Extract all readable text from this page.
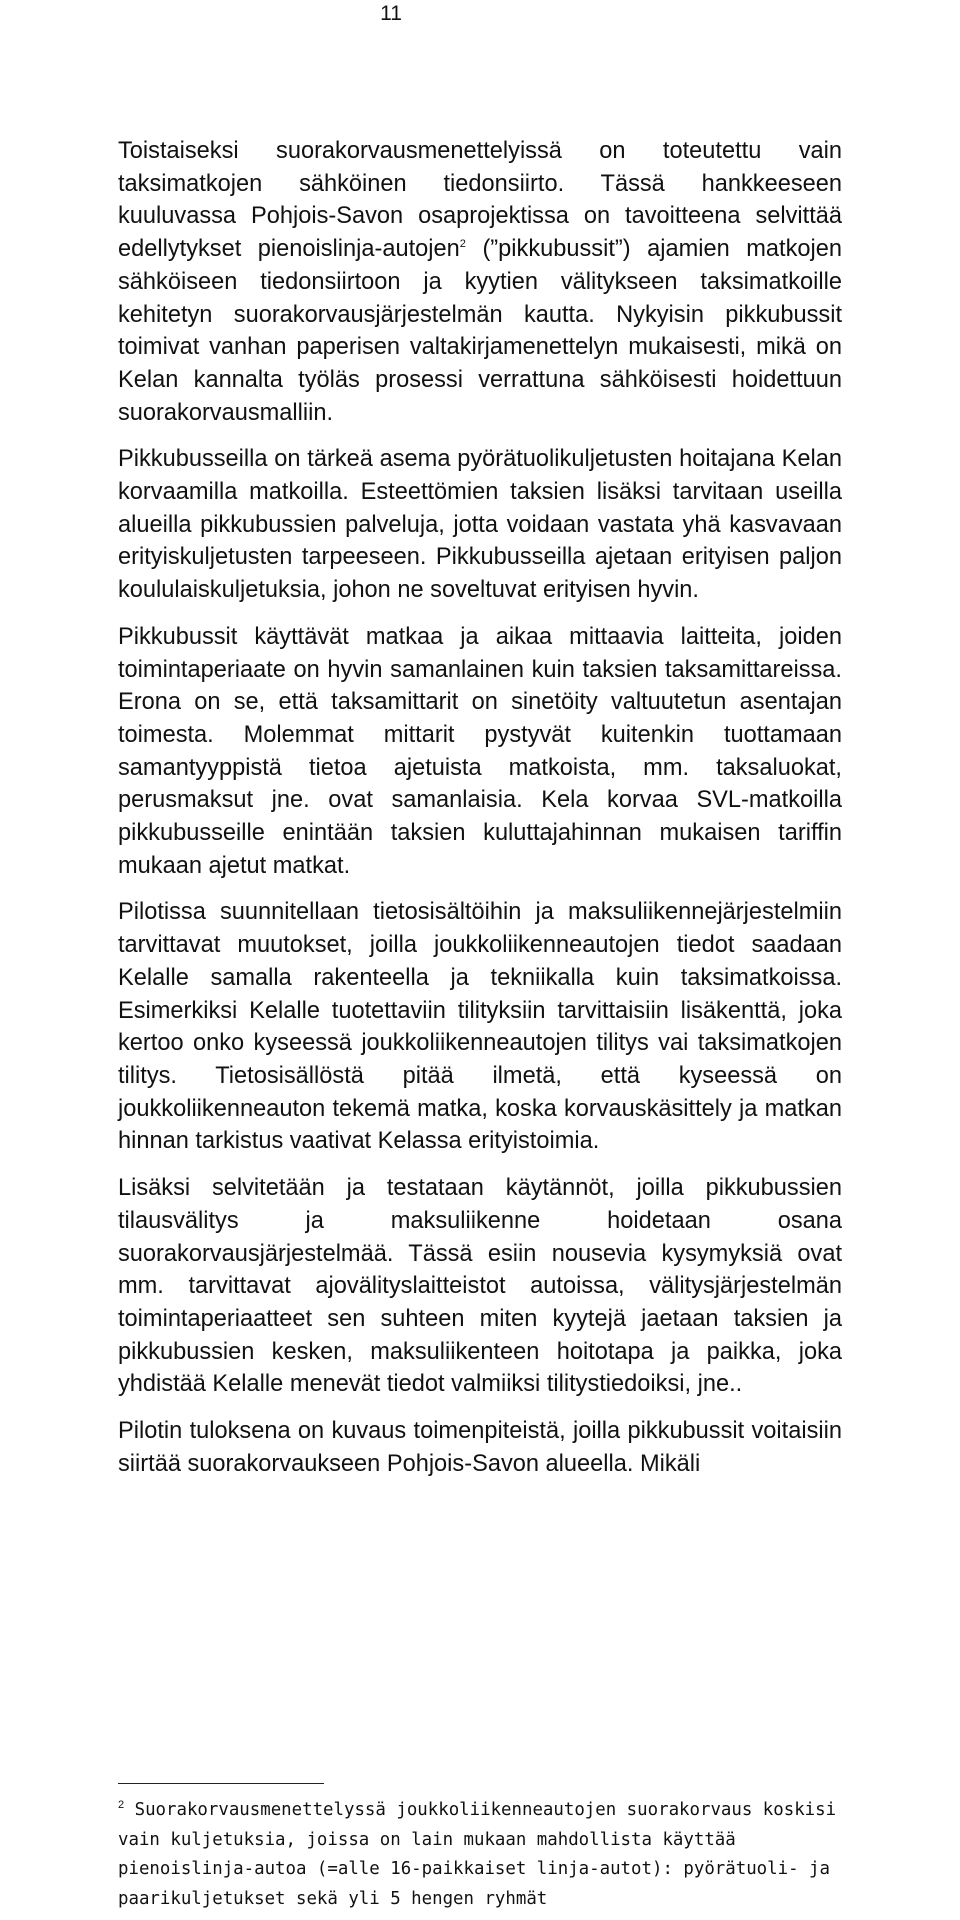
11

Toistaiseksi suorakorvausmenettelyissä on toteutettu vain taksimatkojen sähköinen tiedonsiirto. Tässä hankkeeseen kuuluvassa Pohjois-Savon osaprojektissa on tavoitteena selvittää edellytykset pienoislinja-autojen$^2$ (”pikkubussit”) ajamien matkojen sähköiseen tiedonsiirtoon ja kyytien välitykseen taksimatkoille kehitetyn suorakorvausjärjestelmän kautta. Nykyisin pikkubussit toimivat vanhan paperisen valtakirjamenettelyn mukaisesti, mikä on Kelan kannalta työläs prosessi verrattuna sähköisesti hoidettuun suorakorvausmalliin.

Pikkubusseilla on tärkeä asema pyörätuolikuljetusten hoitajana Kelan korvaamilla matkoilla. Esteettömien taksien lisäksi tarvitaan useilla alueilla pikkubussien palveluja, jotta voidaan vastata yhä kasvavaan erityiskuljetusten tarpeeseen. Pikkubusseilla ajetaan erityisen paljon koululaiskuljetuksia, johon ne soveltuvat erityisen hyvin.

Pikkubussit käyttävät matkaa ja aikaa mittaavia laitteita, joiden toimintaperiaate on hyvin samanlainen kuin taksien taksamittareissa. Erona on se, että taksamittarit on sinetöity valtuutetun asentajan toimesta. Molemmat mittarit pystyvät kuitenkin tuottamaan samantyyppistä tietoa ajetuista matkoista, mm. taksaluokat, perusmaksut jne. ovat samanlaisia. Kela korvaa SVL-matkoilla pikkubusseille enintään taksien kuluttajahinnan mukaisen tariffin mukaan ajetut matkat.

Pilotissa suunnitellaan tietosisältöihin ja maksuliikennejärjestelmiin tarvittavat muutokset, joilla joukkoliikenneautojen tiedot saadaan Kelalle samalla rakenteella ja tekniikalla kuin taksimatkoissa. Esimerkiksi Kelalle tuotettaviin tilityksiin tarvittaisiin lisäkenttä, joka kertoo onko kyseessä joukkoliikenneautojen tilitys vai taksimatkojen tilitys. Tietosisällöstä pitää ilmetä, että kyseessä on joukkoliikenneauton tekemä matka, koska korvauskäsittely ja matkan hinnan tarkistus vaativat Kelassa erityistoimia.

Lisäksi selvitetään ja testataan käytännöt, joilla pikkubussien tilausvälitys ja maksuliikenne hoidetaan osana suorakorvausjärjestelmää. Tässä esiin nousevia kysymyksiä ovat mm. tarvittavat ajovälityslaitteistot autoissa, välitysjärjestelmän toimintaperiaatteet sen suhteen miten kyytejä jaetaan taksien ja pikkubussien kesken, maksuliikenteen hoitotapa ja paikka, joka yhdistää Kelalle menevät tiedot valmiiksi tilitystiedoiksi, jne..

Pilotin tuloksena on kuvaus toimenpiteistä, joilla pikkubussit voitaisiin siirtää suorakorvaukseen Pohjois-Savon alueella. Mikäli

$^2$ Suorakorvausmenettelyssä joukkoliikenneautojen suorakorvaus koskisi vain kuljetuksia, joissa on lain mukaan mahdollista käyttää pienoislinja-autoa (=alle 16-paikkaiset linja-autot): pyörätuoli- ja paarikuljetukset sekä yli 5 hengen ryhmät
